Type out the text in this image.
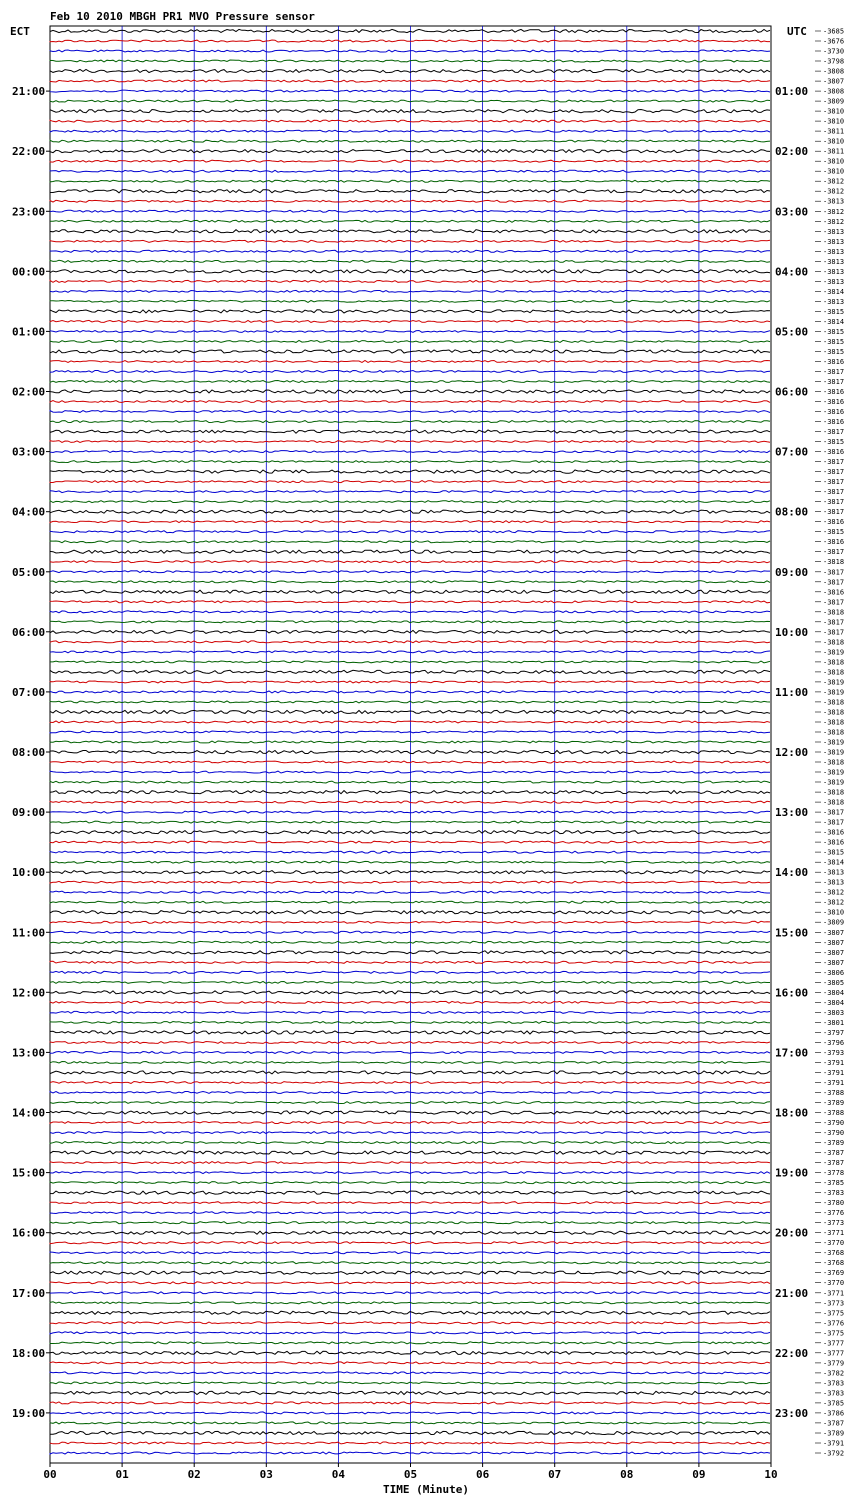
Feb 10 2010 MBGH PR1 MVO Pressure sensor
ECT	UTC
TIME (Minute)
-3685
-3676
-3730
-3798
-3808
-3807
-3808
-3809
-3810
-3810
-3811
-3810
-3811
-3810
-3810
-3812
-3812
-3813
-3812
-3812
-3813
-3813
-3813
-3813
-3813
-3813
-3814
-3813
-3815
-3814
-3815
-3815
-3815
-3816
-3817
-3817
-3816
-3816
-3816
-3816
-3817
-3815
-3816
-3817
-3817
-3817
-3817
-3817
-3817
-3816
-3815
-3816
-3817
-3818
-3817
-3817
-3816
-3817
-3818
-3817
-3817
-3818
-3819
-3818
-3818
-3819
-3819
-3818
-3818
-3818
-3818
-3819
-3819
-3818
-3819
-3819
-3818
-3818
-3817
-3817
-3816
-3816
-3815
-3814
-3813
-3813
-3812
-3812
-3810
-3809
-3807
-3807
-3807
-3807
-3806
-3805
-3804
-3804
-3803
-3801
-3797
-3796
-3793
-3791
-3791
-3791
-3788
-3789
-3788
-3790
-3790
-3789
-3787
-3787
-3778
-3785
-3783
-3780
-3776
-3773
-3771
-3770
-3768
-3768
-3769
-3770
-3771
-3773
-3775
-3776
-3775
-3777
-3777
-3779
-3782
-3783
-3783
-3785
-3786
-3787
-3789
-3791
-3792
21:00	01:00
22:00	02:00
23:00	03:00
00:00	04:00
01:00	05:00
02:00	06:00
03:00	07:00
04:00	08:00
05:00	09:00
06:00	10:00
07:00	11:00
08:00	12:00
09:00	13:00
10:00	14:00
11:00	15:00
12:00	16:00
13:00	17:00
14:00	18:00
15:00	19:00
16:00	20:00
17:00	21:00
18:00	22:00
19:00	23:00
00	01	02	03	04	05	06	07	08	09	10
